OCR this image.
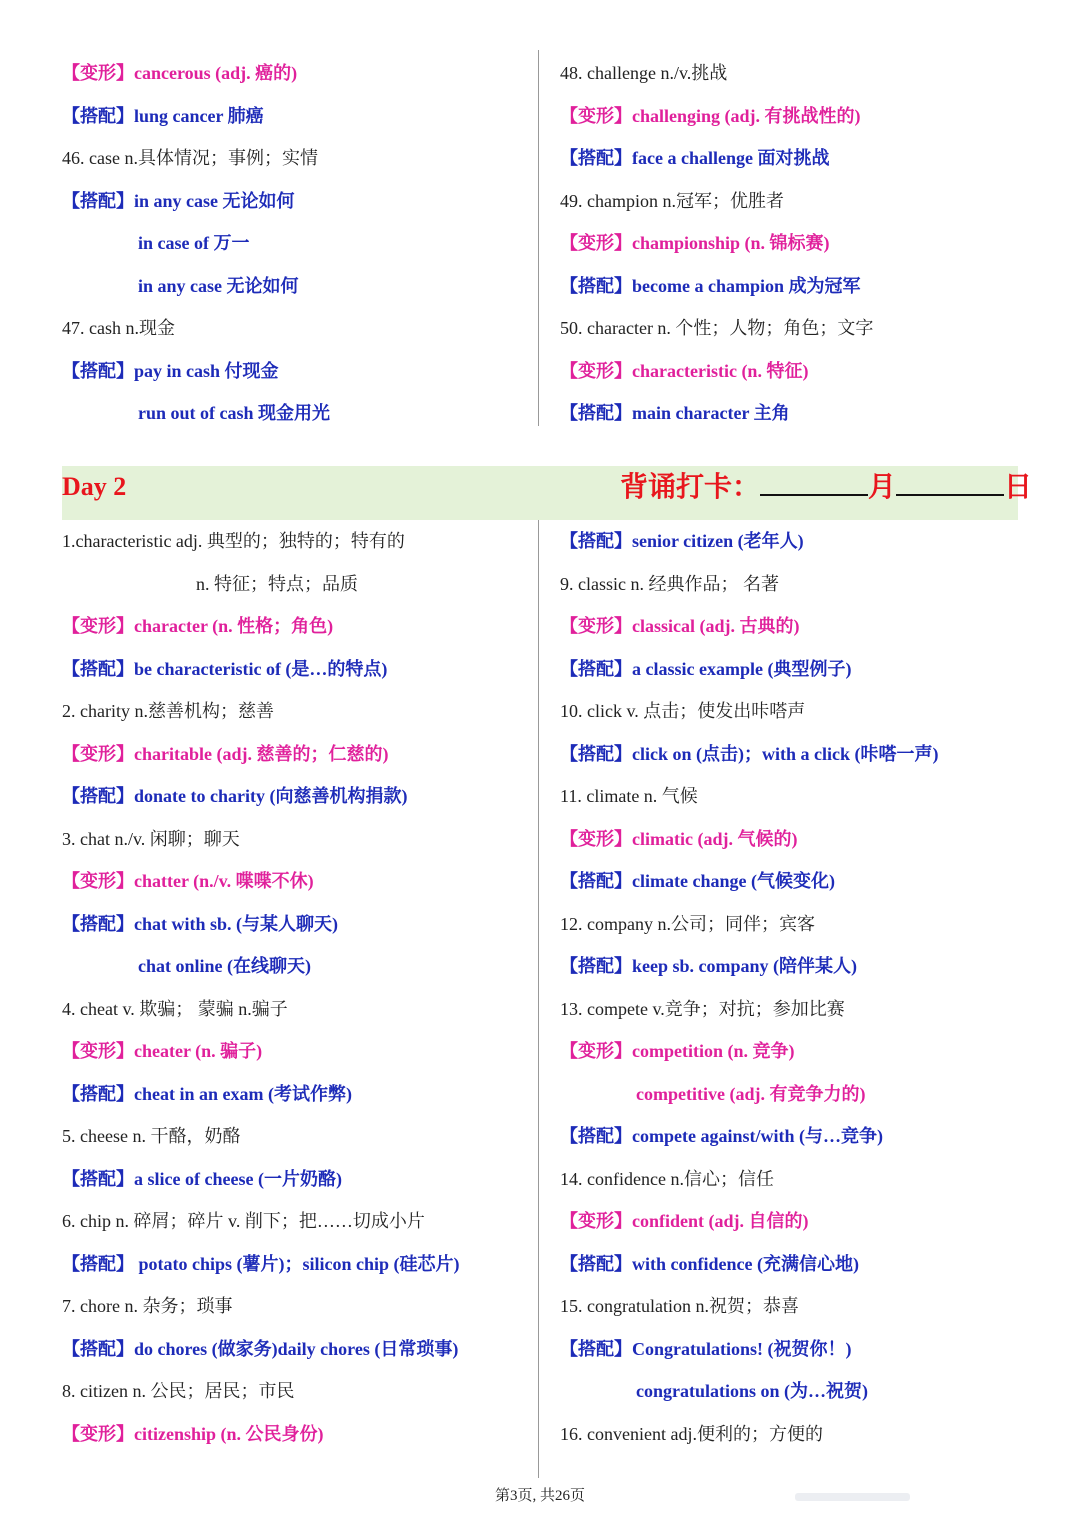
【变形】cancerous (adj. 癌的)
【搭配】lung cancer 肺癌
46. case n.具体情况；事例；实情
【搭配】in any case 无论如何
in case of 万一
in any case 无论如何
47. cash n.现金
【搭配】pay in cash 付现金
run out of cash 现金用光
48. challenge n./v.挑战
【变形】challenging (adj. 有挑战性的)
【搭配】face a challenge 面对挑战
49. champion n.冠军；优胜者
【变形】championship (n. 锦标赛)
【搭配】become a champion 成为冠军
50. character n. 个性；人物；角色；文字
【变形】characteristic (n. 特征)
【搭配】main character 主角
Day 2	背诵打卡：	月	日
1.characteristic adj. 典型的；独特的；特有的
n. 特征；特点；品质
【变形】character (n. 性格；角色)
【搭配】be characteristic of (是…的特点)
2. charity n.慈善机构；慈善
【变形】charitable (adj. 慈善的；仁慈的)
【搭配】donate to charity (向慈善机构捐款)
3. chat n./v. 闲聊；聊天
【变形】chatter (n./v. 喋喋不休)
【搭配】chat with sb. (与某人聊天)
chat online (在线聊天)
4. cheat v. 欺骗； 蒙骗 n.骗子
【变形】cheater (n. 骗子)
【搭配】cheat in an exam (考试作弊)
5. cheese n. 干酪，奶酪
【搭配】a slice of cheese (一片奶酪)
6. chip n. 碎屑；碎片 v. 削下；把……切成小片
【搭配】 potato chips (薯片)；silicon chip (硅芯片)
7. chore n. 杂务；琐事
【搭配】do chores (做家务)daily chores (日常琐事)
8. citizen n. 公民；居民；市民
【变形】citizenship (n. 公民身份)
【搭配】senior citizen (老年人)
9. classic n. 经典作品； 名著
【变形】classical (adj. 古典的)
【搭配】a classic example (典型例子)
10. click v. 点击；使发出咔嗒声
【搭配】click on (点击)；with a click (咔嗒一声)
11. climate n. 气候
【变形】climatic (adj. 气候的)
【搭配】climate change (气候变化)
12. company n.公司；同伴；宾客
【搭配】keep sb. company (陪伴某人)
13. compete v.竞争；对抗；参加比赛
【变形】competition (n. 竞争)
competitive (adj. 有竞争力的)
【搭配】compete against/with (与…竞争)
14. confidence n.信心；信任
【变形】confident (adj. 自信的)
【搭配】with confidence (充满信心地)
15. congratulation n.祝贺；恭喜
【搭配】Congratulations! (祝贺你！)
congratulations on (为…祝贺)
16. convenient adj.便利的；方便的
第3页, 共26页
